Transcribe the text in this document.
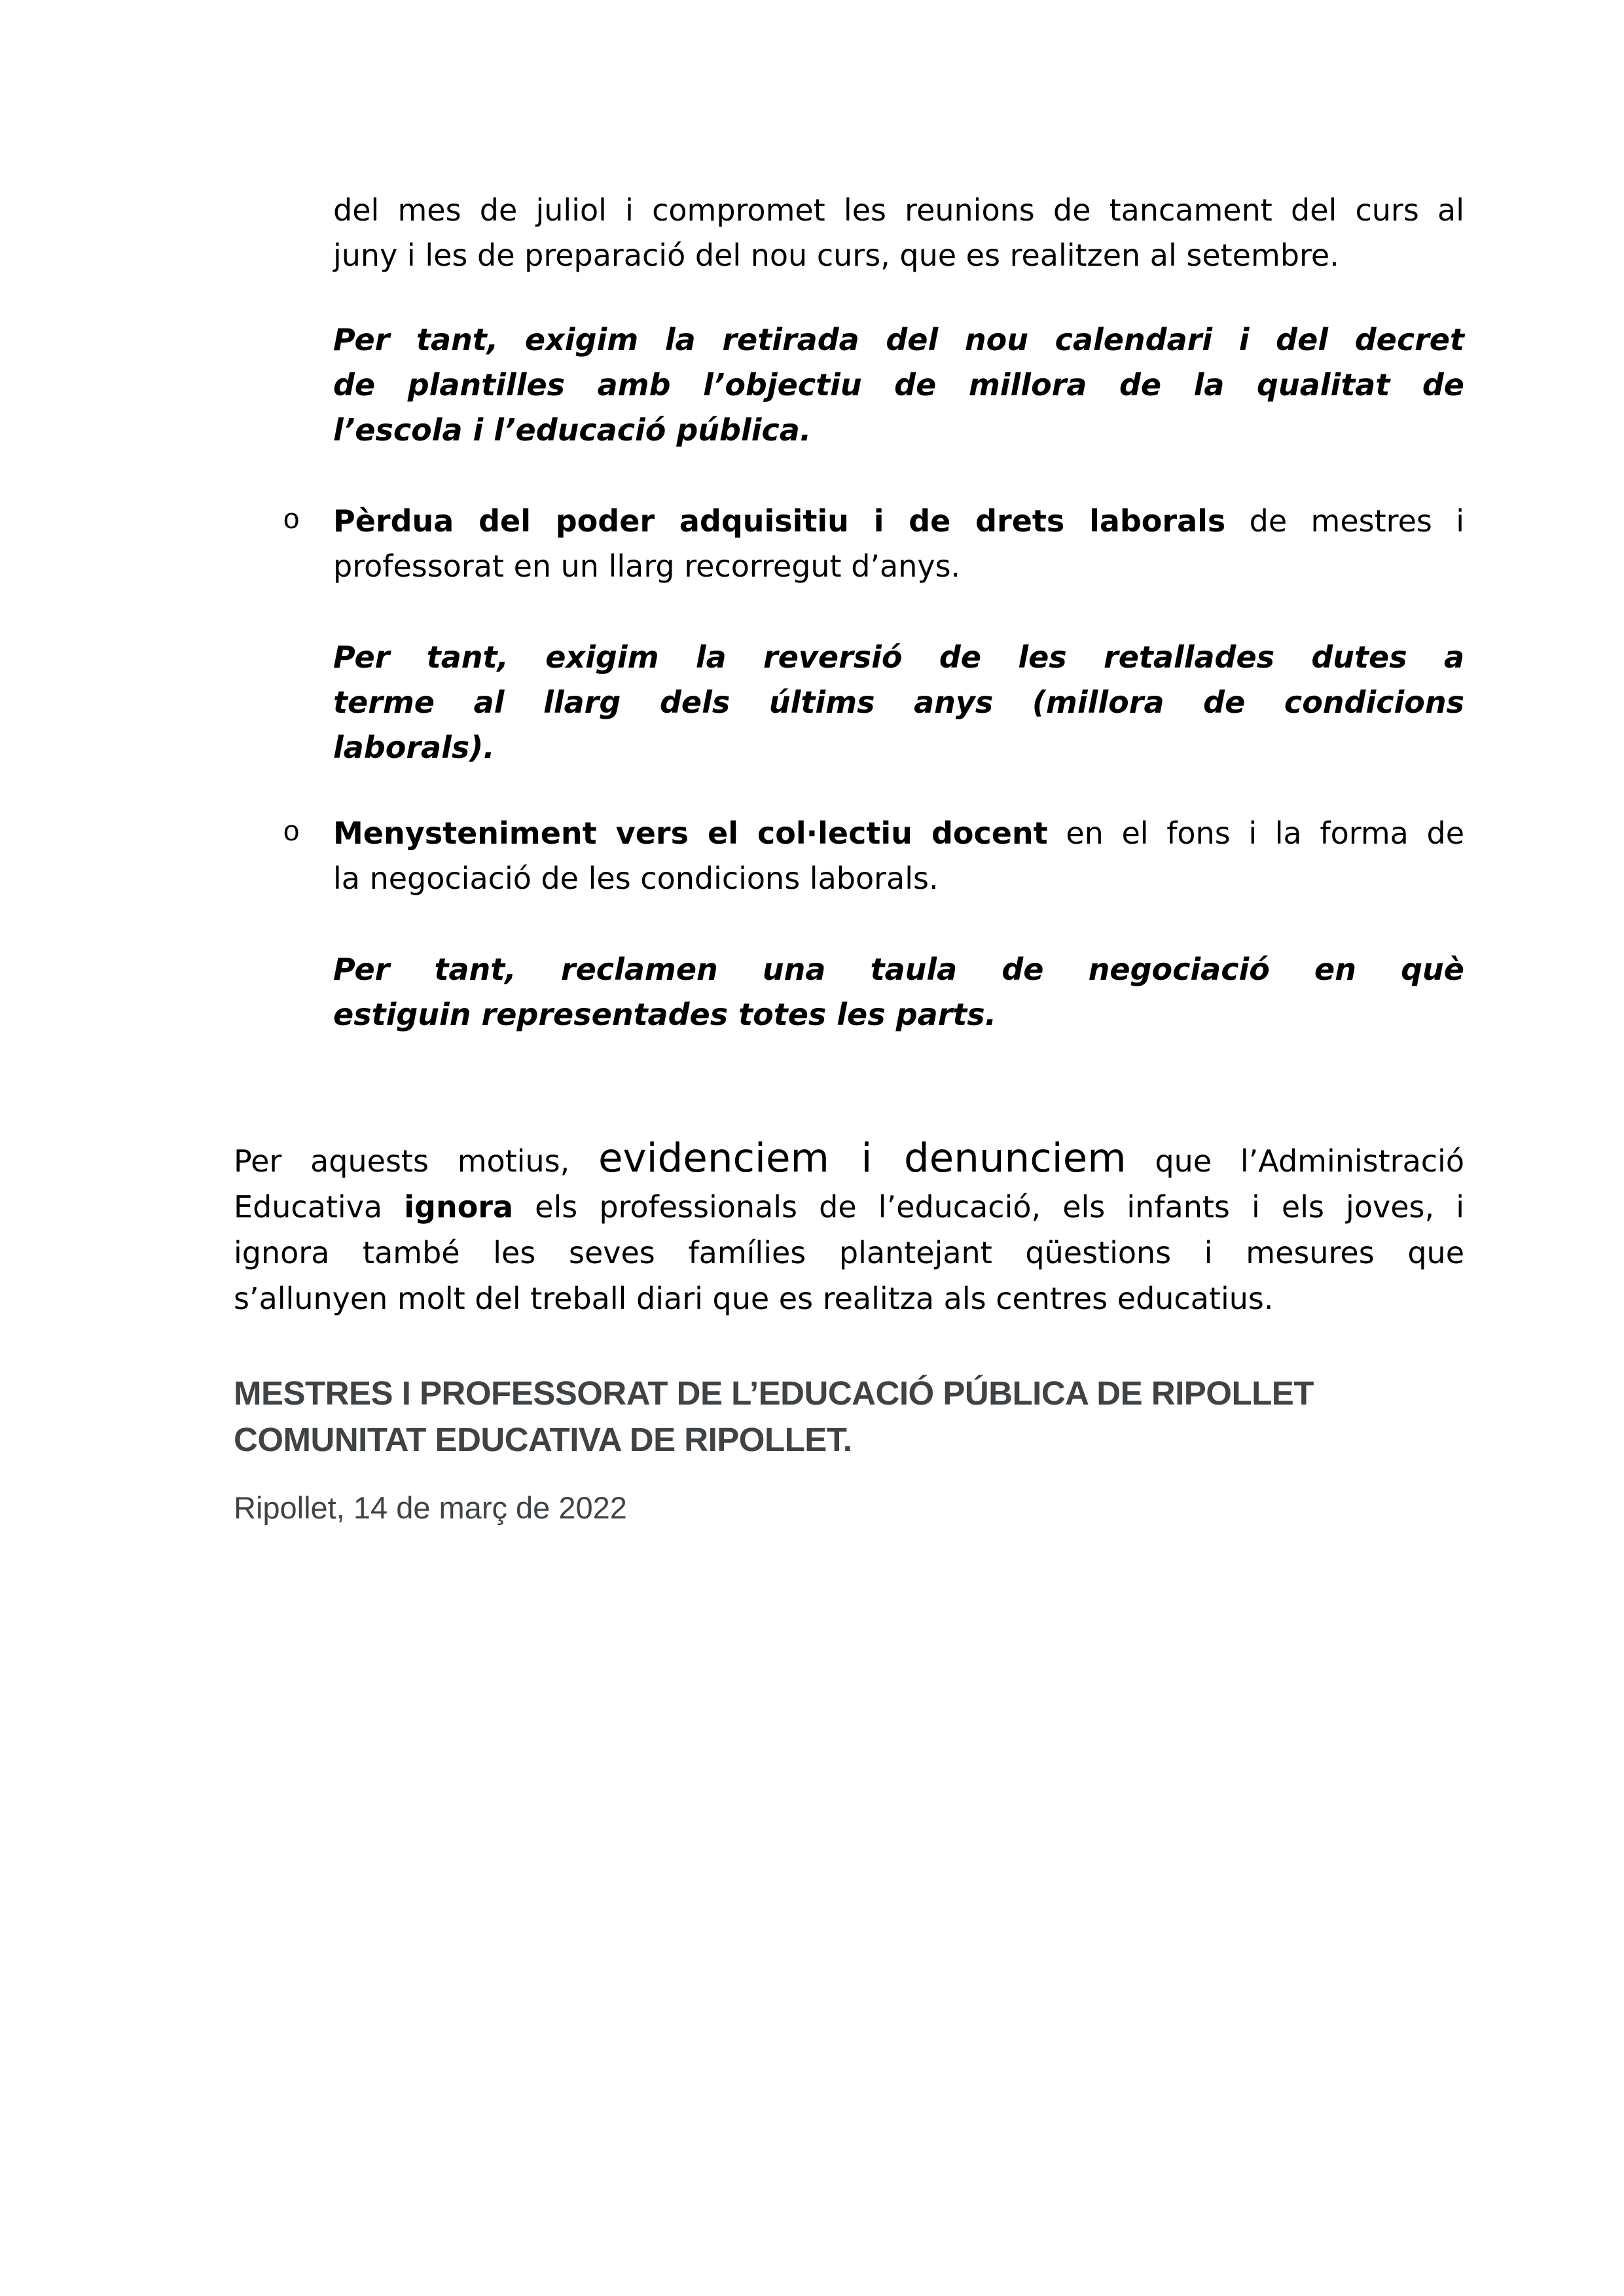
del mes de juliol i compromet les reunions de tancament del curs al
juny i les de preparació del nou curs, que es realitzen al setembre.
Per tant, exigim la retirada del nou calendari i del decret
de plantilles amb l’objectiu de millora de la qualitat de
l’escola i l’educació pública.
o Pèrdua del poder adquisitiu i de drets laborals de mestres i
professorat en un llarg recorregut d’anys.
Per tant, exigim la reversió de les retallades dutes a
terme al llarg dels últims anys (millora de condicions
laborals).
o Menysteniment vers el col·lectiu docent en el fons i la forma de
la negociació de les condicions laborals.
Per tant, reclamen una taula de negociació en què
estiguin representades totes les parts.
Per aquests motius, evidenciem i denunciem que l’Administració
Educativa ignora els professionals de l’educació, els infants i els joves, i
ignora també les seves famílies plantejant qüestions i mesures que
s’allunyen molt del treball diari que es realitza als centres educatius.
MESTRES I PROFESSORAT DE L’EDUCACIÓ PÚBLICA DE RIPOLLET
COMUNITAT EDUCATIVA DE RIPOLLET.
Ripollet, 14 de març de 2022
